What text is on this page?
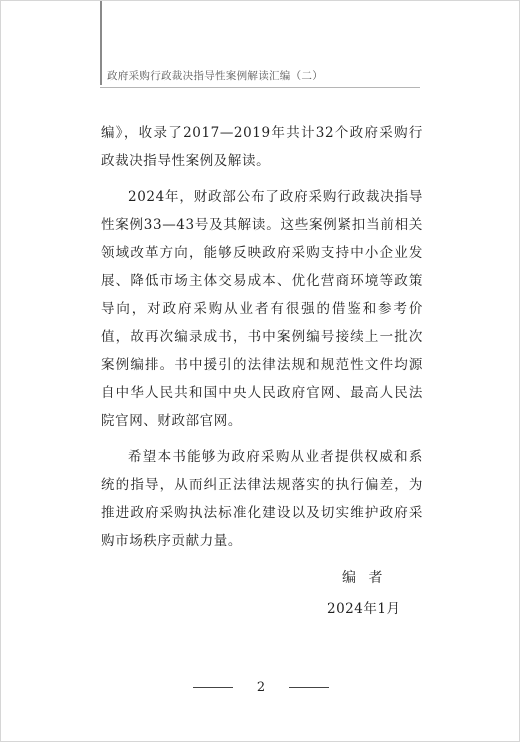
政府采购行政裁决指导性案例解读汇编（二）

编》，收录了2017—2019年共计32个政府采购行政裁决指导性案例及解读。

2024年，财政部公布了政府采购行政裁决指导性案例33—43号及其解读。这些案例紧扣当前相关领域改革方向，能够反映政府采购支持中小企业发展、降低市场主体交易成本、优化营商环境等政策导向，对政府采购从业者有很强的借鉴和参考价值，故再次编录成书，书中案例编号接续上一批次案例编排。书中援引的法律法规和规范性文件均源自中华人民共和国中央人民政府官网、最高人民法院官网、财政部官网。

希望本书能够为政府采购从业者提供权威和系统的指导，从而纠正法律法规落实的执行偏差，为推进政府采购执法标准化建设以及切实维护政府采购市场秩序贡献力量。

编 者
2024年1月
2
